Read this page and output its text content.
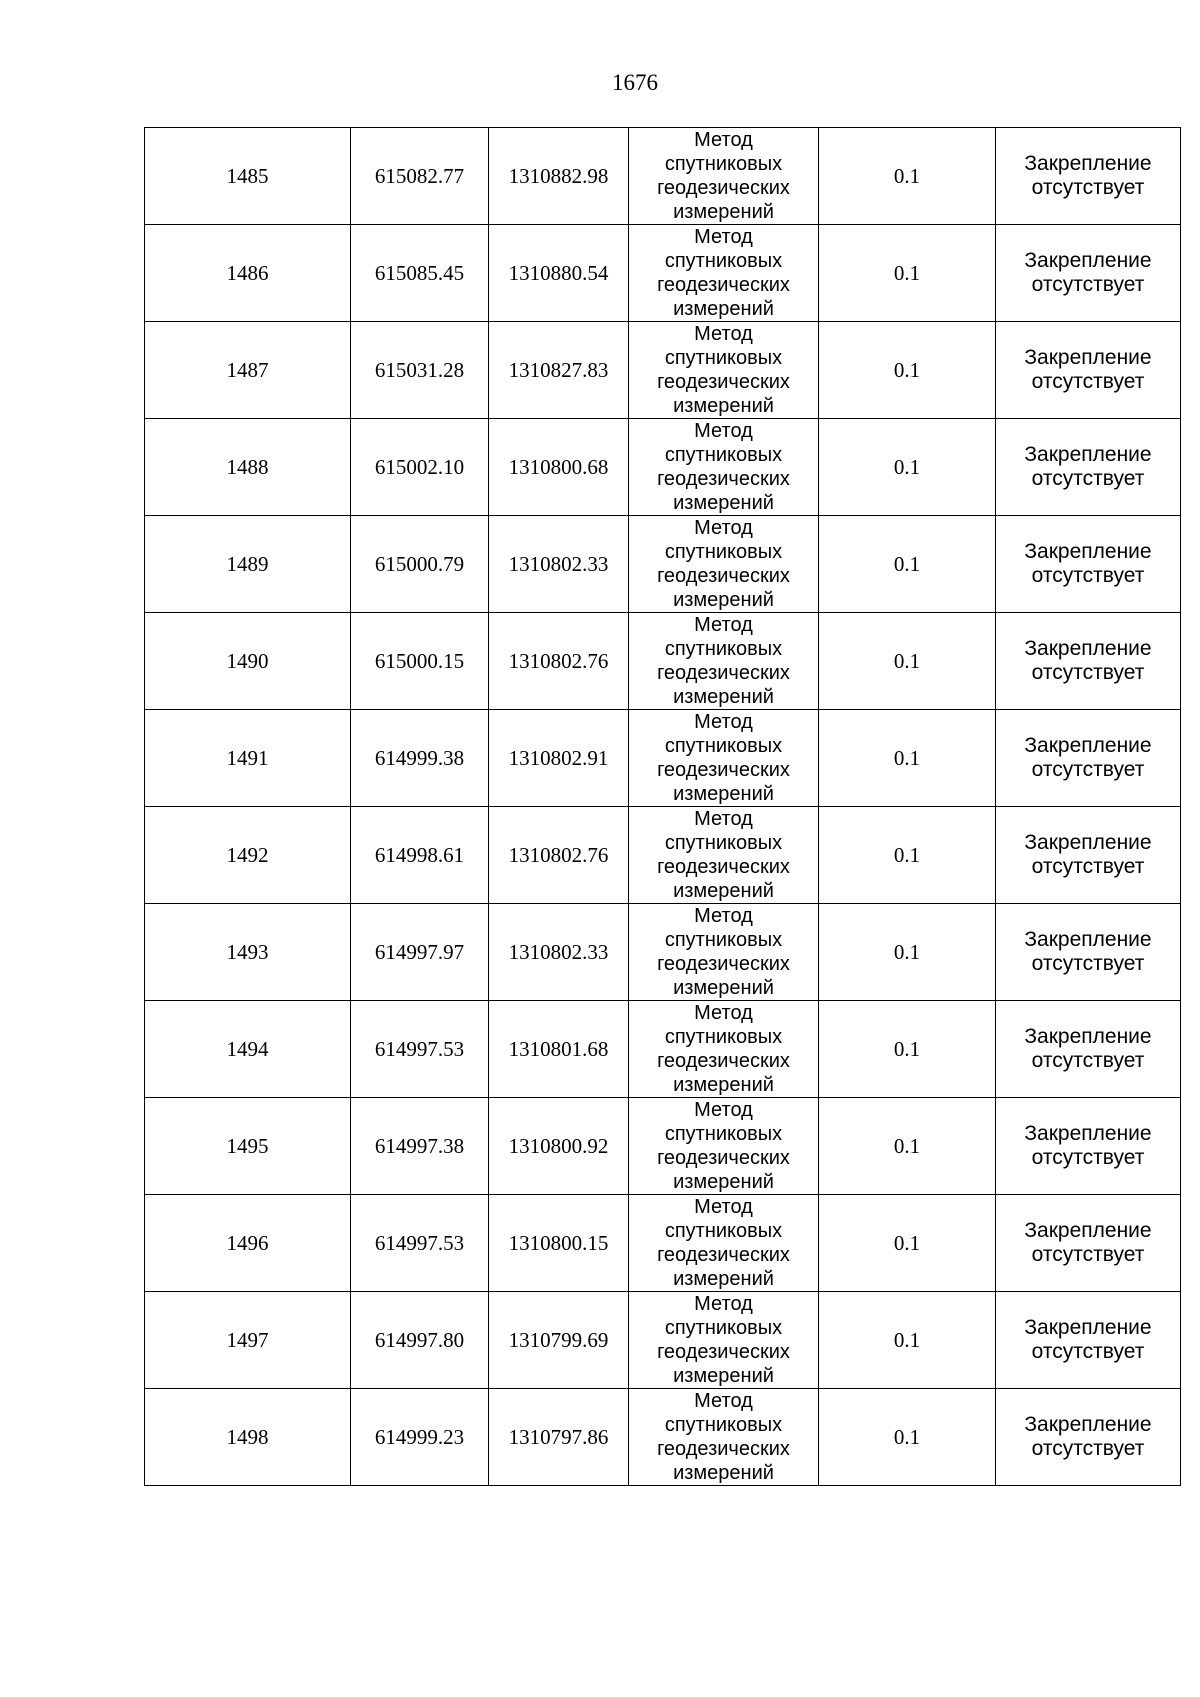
1676
1485	615082.77	1310882.98	Метод
спутниковых
геодезических
измерений	0.1	Закрепление
отсутствует

1486	615085.45	1310880.54	Метод
спутниковых
геодезических
измерений	0.1	Закрепление
отсутствует

1487	615031.28	1310827.83	Метод
спутниковых
геодезических
измерений	0.1	Закрепление
отсутствует

1488	615002.10	1310800.68	Метод
спутниковых
геодезических
измерений	0.1	Закрепление
отсутствует

1489	615000.79	1310802.33	Метод
спутниковых
геодезических
измерений	0.1	Закрепление
отсутствует

1490	615000.15	1310802.76	Метод
спутниковых
геодезических
измерений	0.1	Закрепление
отсутствует

1491	614999.38	1310802.91	Метод
спутниковых
геодезических
измерений	0.1	Закрепление
отсутствует

1492	614998.61	1310802.76	Метод
спутниковых
геодезических
измерений	0.1	Закрепление
отсутствует

1493	614997.97	1310802.33	Метод
спутниковых
геодезических
измерений	0.1	Закрепление
отсутствует

1494	614997.53	1310801.68	Метод
спутниковых
геодезических
измерений	0.1	Закрепление
отсутствует

1495	614997.38	1310800.92	Метод
спутниковых
геодезических
измерений	0.1	Закрепление
отсутствует

1496	614997.53	1310800.15	Метод
спутниковых
геодезических
измерений	0.1	Закрепление
отсутствует

1497	614997.80	1310799.69	Метод
спутниковых
геодезических
измерений	0.1	Закрепление
отсутствует

1498	614999.23	1310797.86	Метод
спутниковых
геодезических
измерений	0.1	Закрепление
отсутствует
